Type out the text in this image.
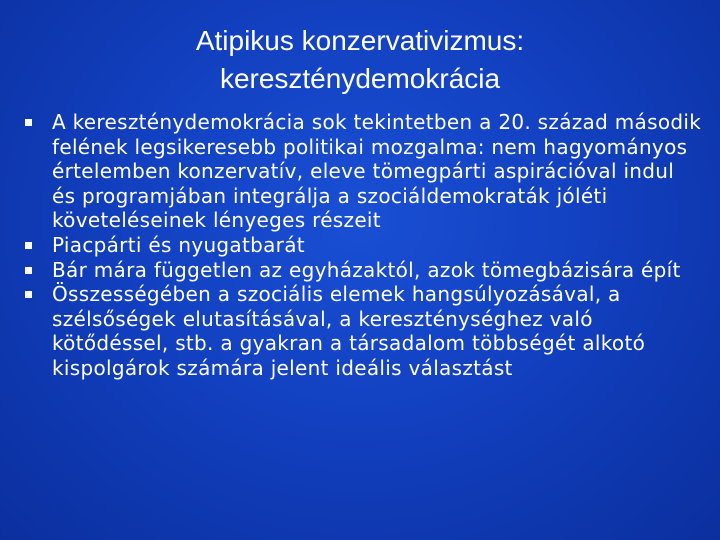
Atipikus konzervativizmus:
kereszténydemokrácia
A kereszténydemokrácia sok tekintetben a 20. század második felének legsikeresebb politikai mozgalma: nem hagyományos értelemben konzervatív, eleve tömegpárti aspirációval indul és programjában integrálja a szociáldemokraták jóléti követeléseinek lényeges részeit
Piacpárti és nyugatbarát
Bár mára független az egyházaktól, azok tömegbázisára épít
Összességében a szociális elemek hangsúlyozásával, a szélsőségek elutasításával, a kereszténységhez való kötődéssel, stb. a gyakran a társadalom többségét alkotó kispolgárok számára jelent ideális választást
